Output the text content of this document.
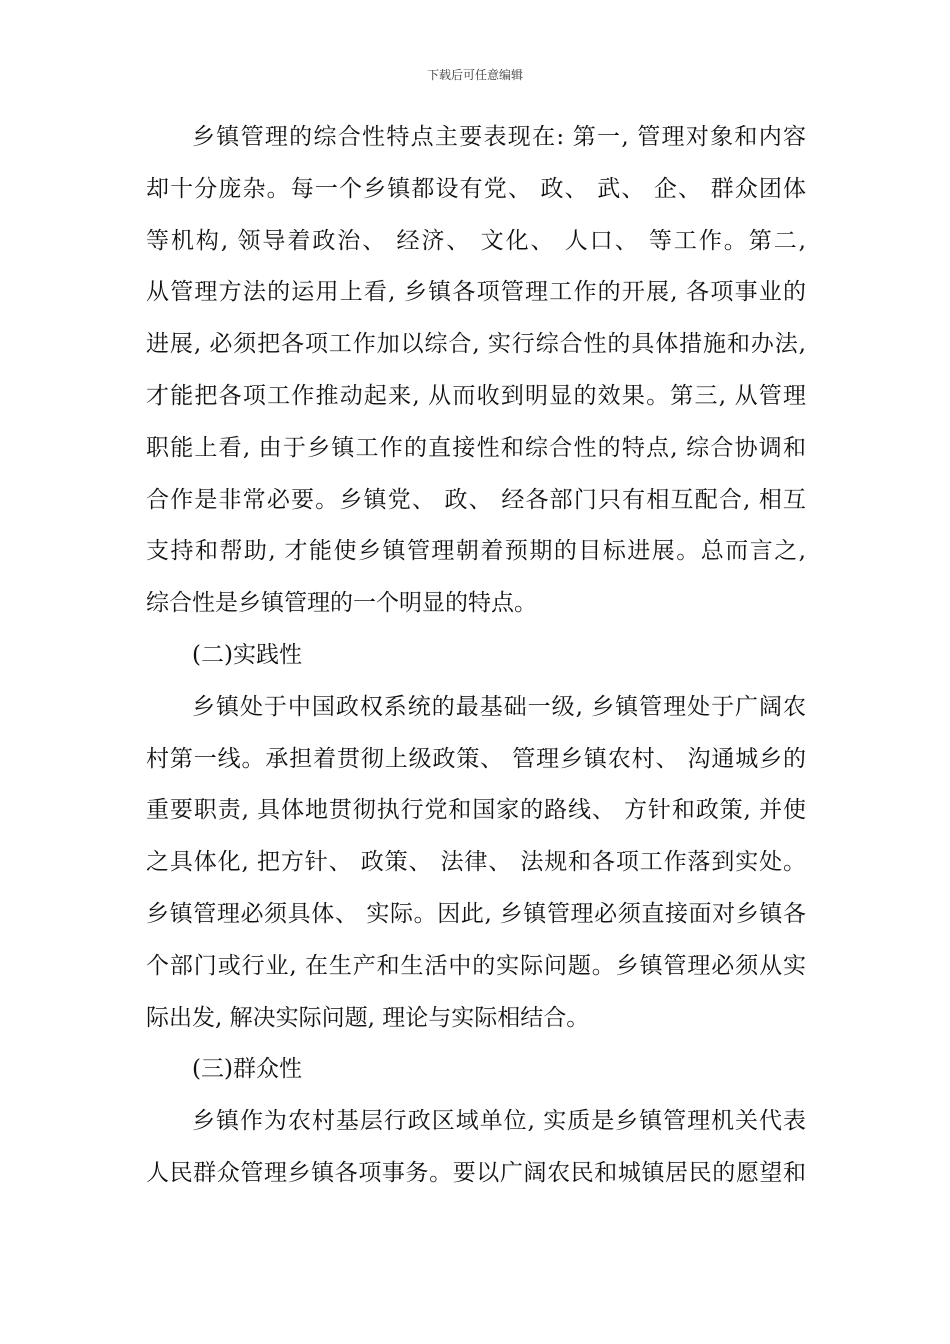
下载后可任意编辑
乡镇管理的综合性特点主要表现在: 第一, 管理对象和内容
却十分庞杂。每一个乡镇都设有党、 政、 武、 企、 群众团体
等机构, 领导着政治、 经济、 文化、 人口、 等工作。第二,
从管理方法的运用上看, 乡镇各项管理工作的开展, 各项事业的
进展, 必须把各项工作加以综合, 实行综合性的具体措施和办法,
才能把各项工作推动起来, 从而收到明显的效果。第三, 从管理
职能上看, 由于乡镇工作的直接性和综合性的特点, 综合协调和
合作是非常必要。乡镇党、 政、 经各部门只有相互配合, 相互
支持和帮助, 才能使乡镇管理朝着预期的目标进展。总而言之,
综合性是乡镇管理的一个明显的特点。
(二)实践性
乡镇处于中国政权系统的最基础一级, 乡镇管理处于广阔农
村第一线。承担着贯彻上级政策、 管理乡镇农村、 沟通城乡的
重要职责, 具体地贯彻执行党和国家的路线、 方针和政策, 并使
之具体化, 把方针、 政策、 法律、 法规和各项工作落到实处。
乡镇管理必须具体、 实际。因此, 乡镇管理必须直接面对乡镇各
个部门或行业, 在生产和生活中的实际问题。乡镇管理必须从实
际出发, 解决实际问题, 理论与实际相结合。
(三)群众性
乡镇作为农村基层行政区域单位, 实质是乡镇管理机关代表
人民群众管理乡镇各项事务。要以广阔农民和城镇居民的愿望和
